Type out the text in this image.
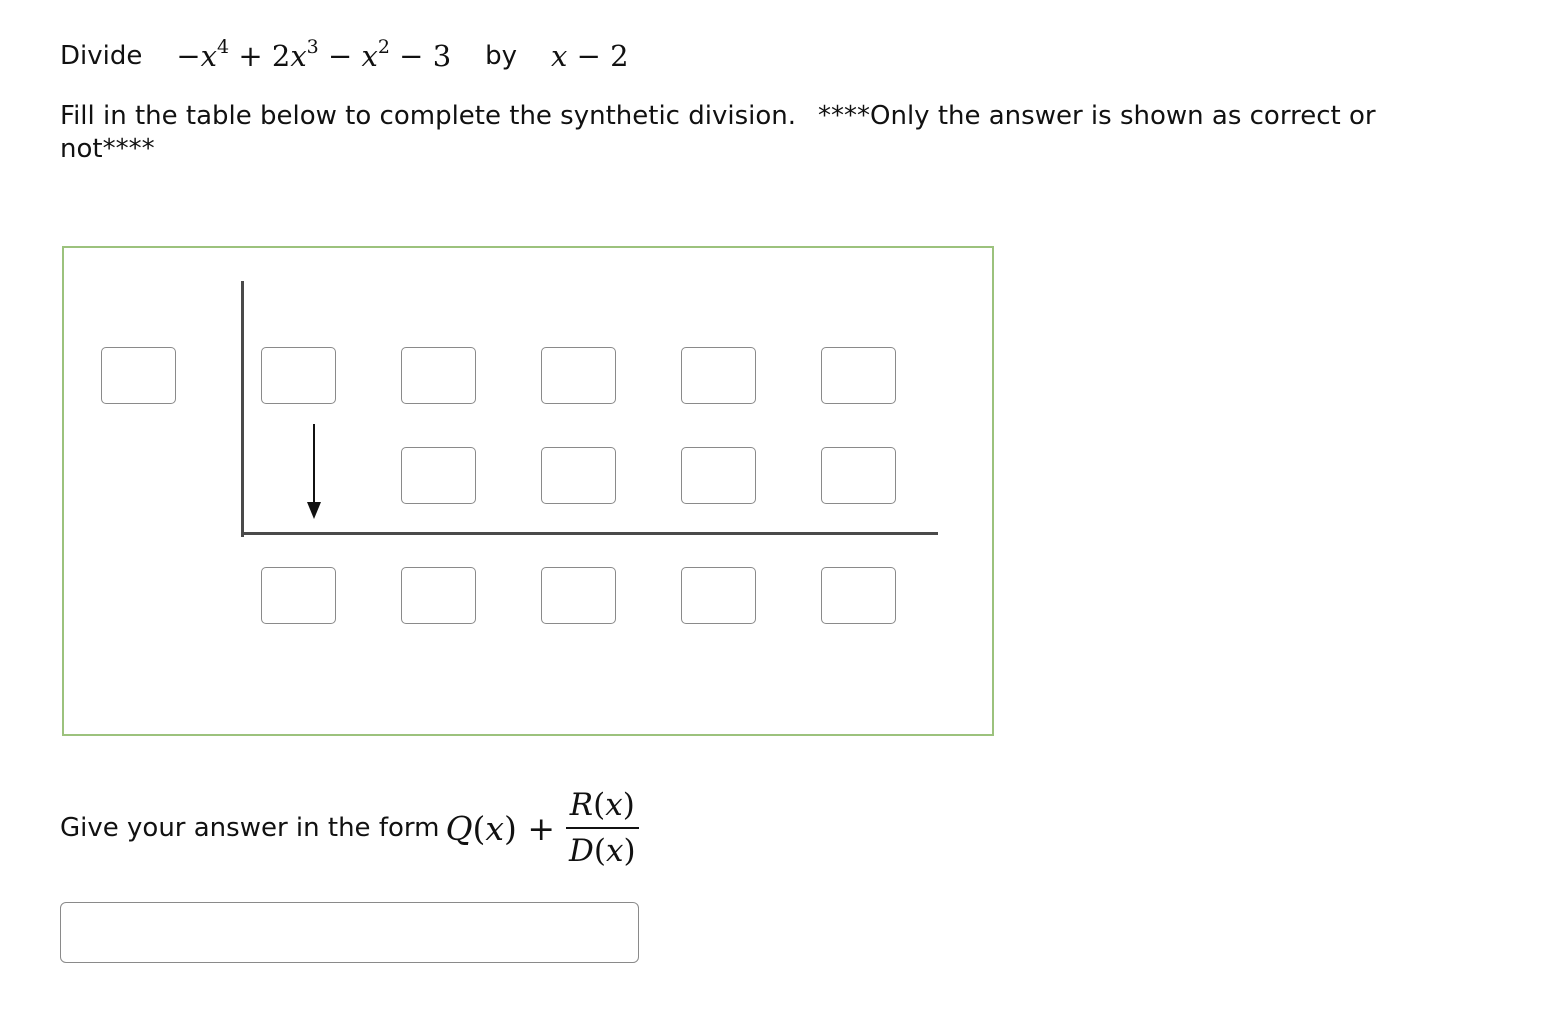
Divide $-x^4 + 2x^3 - x^2 - 3$ by x − 2
Fill in the table below to complete the synthetic division. ****Only the answer is shown as correct or not****
Give your answer in the form $Q(x) + \frac{R(x)}{D(x)}$
